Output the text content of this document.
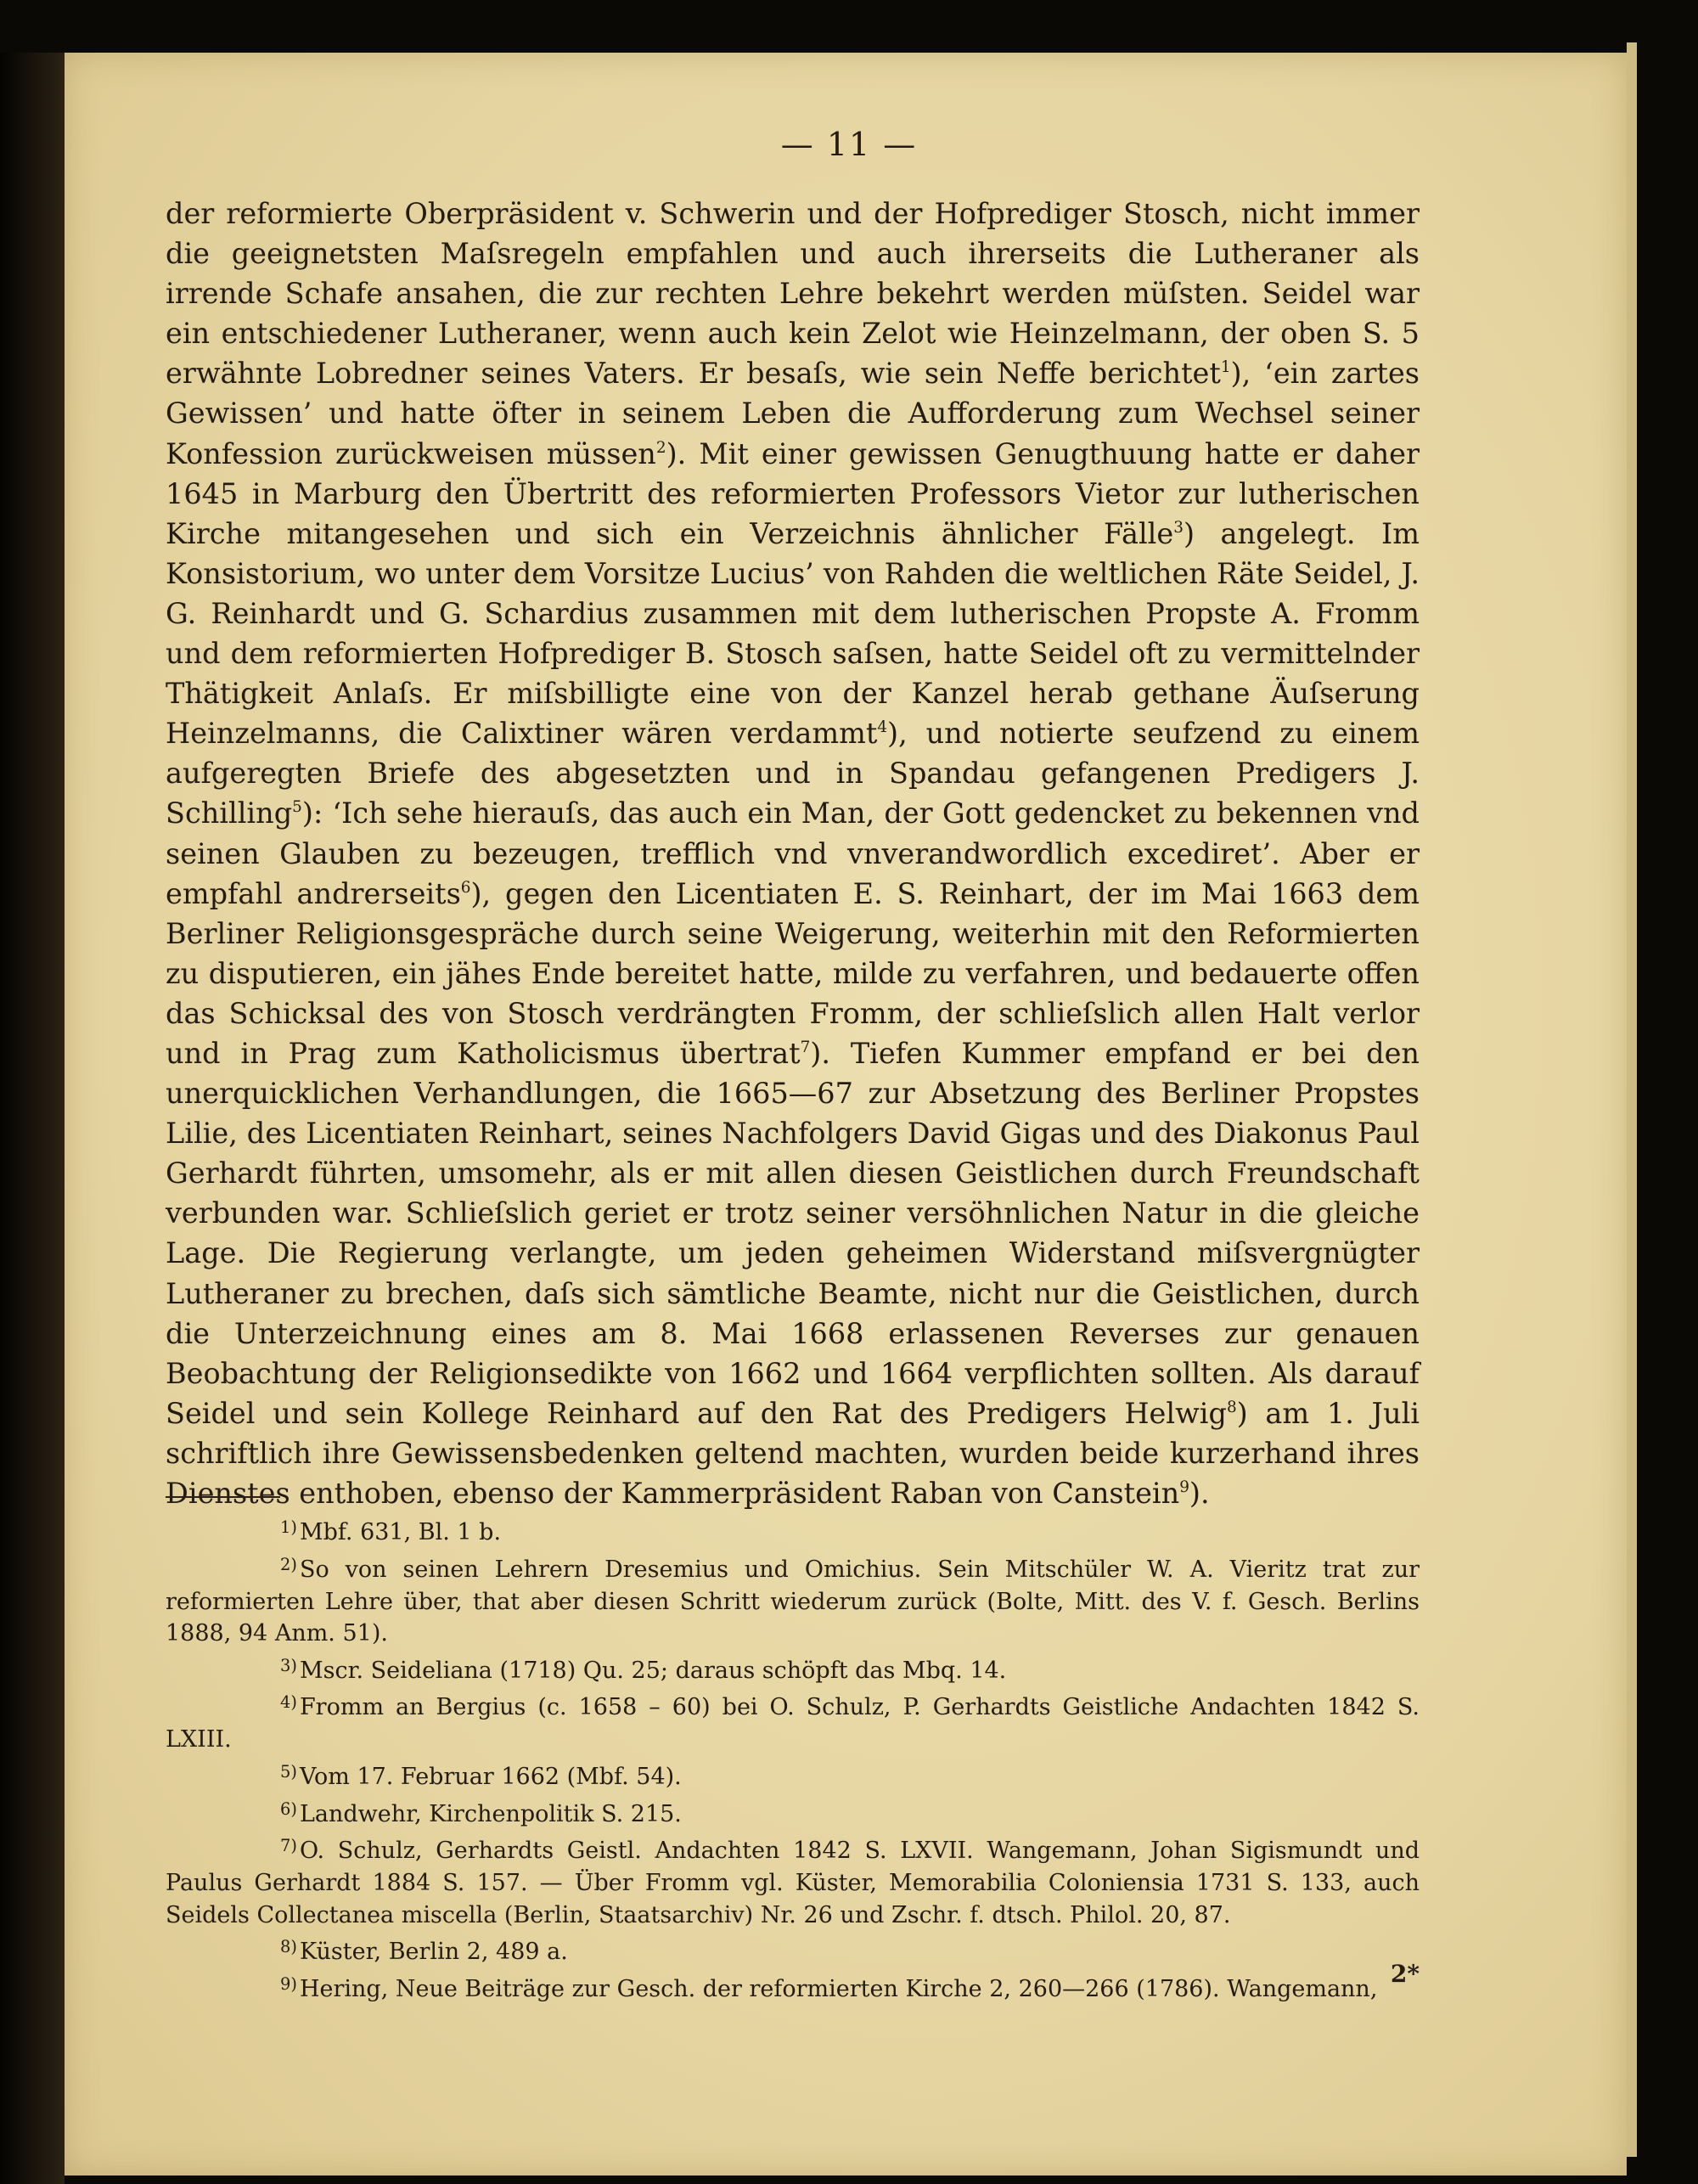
— 11 —

der reformierte Oberpräsident v. Schwerin und der Hofprediger Stosch, nicht immer die geeignetsten Maſsregeln empfahlen und auch ihrerseits die Lutheraner als irrende Schafe ansahen, die zur rechten Lehre bekehrt werden müſsten. Seidel war ein entschiedener Lutheraner, wenn auch kein Zelot wie Heinzelmann, der oben S. 5 erwähnte Lobredner seines Vaters. Er besaſs, wie sein Neffe berichtet$^1$), ‘ein zartes Gewissen’ und hatte öfter in seinem Leben die Aufforderung zum Wechsel seiner Konfession zurückweisen müssen$^2$). Mit einer gewissen Genugthuung hatte er daher 1645 in Marburg den Übertritt des reformierten Professors Vietor zur lutherischen Kirche mitangesehen und sich ein Verzeichnis ähnlicher Fälle$^3$) angelegt. Im Konsistorium, wo unter dem Vorsitze Lucius’ von Rahden die weltlichen Räte Seidel, J. G. Reinhardt und G. Schardius zusammen mit dem lutherischen Propste A. Fromm und dem reformierten Hofprediger B. Stosch saſsen, hatte Seidel oft zu vermittelnder Thätigkeit Anlaſs. Er miſsbilligte eine von der Kanzel herab gethane Äuſserung Heinzelmanns, die Calixtiner wären verdammt$^4$), und notierte seufzend zu einem aufgeregten Briefe des abgesetzten und in Spandau gefangenen Predigers J. Schilling$^5$): ‘Ich sehe hierauſs, das auch ein Man, der Gott gedencket zu bekennen vnd seinen Glauben zu bezeugen, trefflich vnd vnverandwordlich excediret’. Aber er empfahl andrerseits$^6$), gegen den Licentiaten E. S. Reinhart, der im Mai 1663 dem Berliner Religionsgespräche durch seine Weigerung, weiterhin mit den Reformierten zu disputieren, ein jähes Ende bereitet hatte, milde zu verfahren, und bedauerte offen das Schicksal des von Stosch verdrängten Fromm, der schlieſslich allen Halt verlor und in Prag zum Katholicismus übertrat$^7$). Tiefen Kummer empfand er bei den unerquicklichen Verhandlungen, die 1665—67 zur Absetzung des Berliner Propstes Lilie, des Licentiaten Reinhart, seines Nachfolgers David Gigas und des Diakonus Paul Gerhardt führten, umsomehr, als er mit allen diesen Geistlichen durch Freundschaft verbunden war. Schlieſslich geriet er trotz seiner versöhnlichen Natur in die gleiche Lage. Die Regierung verlangte, um jeden geheimen Widerstand miſsvergnügter Lutheraner zu brechen, daſs sich sämtliche Beamte, nicht nur die Geistlichen, durch die Unterzeichnung eines am 8. Mai 1668 erlassenen Reverses zur genauen Beobachtung der Religionsedikte von 1662 und 1664 verpflichten sollten. Als darauf Seidel und sein Kollege Reinhard auf den Rat des Predigers Helwig$^8$) am 1. Juli schriftlich ihre Gewissensbedenken geltend machten, wurden beide kurzerhand ihres Dienstes enthoben, ebenso der Kammerpräsident Raban von Canstein$^9$).

$^{1)}$ Mbf. 631, Bl. 1 b.

$^{2)}$ So von seinen Lehrern Dresemius und Omichius. Sein Mitschüler W. A. Vieritz trat zur reformierten Lehre über, that aber diesen Schritt wiederum zurück (Bolte, Mitt. des V. f. Gesch. Berlins 1888, 94 Anm. 51).

$^{3)}$ Mscr. Seideliana (1718) Qu. 25; daraus schöpft das Mbq. 14.

$^{4)}$ Fromm an Bergius (c. 1658 – 60) bei O. Schulz, P. Gerhardts Geistliche Andachten 1842 S. LXIII.

$^{5)}$ Vom 17. Februar 1662 (Mbf. 54).

$^{6)}$ Landwehr, Kirchenpolitik S. 215.

$^{7)}$ O. Schulz, Gerhardts Geistl. Andachten 1842 S. LXVII. Wangemann, Johan Sigismundt und Paulus Gerhardt 1884 S. 157. — Über Fromm vgl. Küster, Memorabilia Coloniensia 1731 S. 133, auch Seidels Collectanea miscella (Berlin, Staatsarchiv) Nr. 26 und Zschr. f. dtsch. Philol. 20, 87.

$^{8)}$ Küster, Berlin 2, 489 a.

$^{9)}$ Hering, Neue Beiträge zur Gesch. der reformierten Kirche 2, 260—266 (1786). Wangemann,

2*
